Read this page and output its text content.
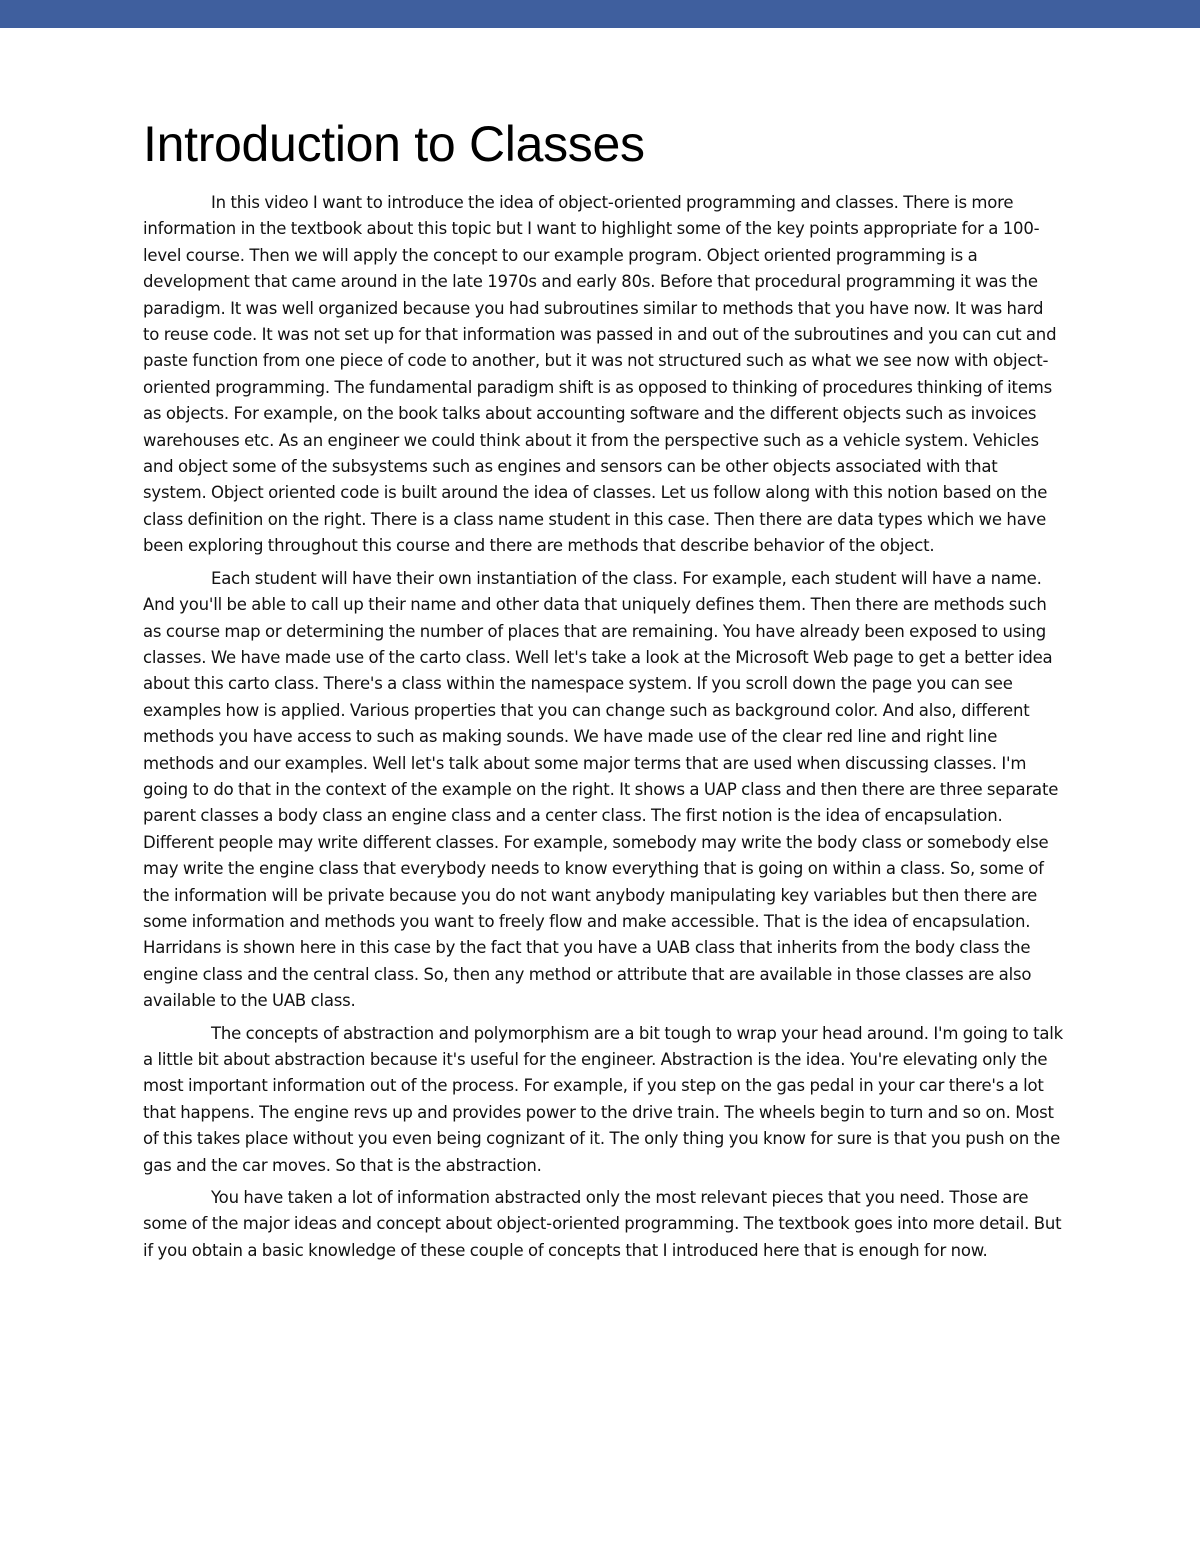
Introduction to Classes

In this video I want to introduce the idea of object-oriented programming and classes. There is more information in the textbook about this topic but I want to highlight some of the key points appropriate for a 100-level course. Then we will apply the concept to our example program. Object oriented programming is a development that came around in the late 1970s and early 80s. Before that procedural programming it was the paradigm. It was well organized because you had subroutines similar to methods that you have now. It was hard to reuse code. It was not set up for that information was passed in and out of the subroutines and you can cut and paste function from one piece of code to another, but it was not structured such as what we see now with object-oriented programming. The fundamental paradigm shift is as opposed to thinking of procedures thinking of items as objects. For example, on the book talks about accounting software and the different objects such as invoices warehouses etc. As an engineer we could think about it from the perspective such as a vehicle system. Vehicles and object some of the subsystems such as engines and sensors can be other objects associated with that system. Object oriented code is built around the idea of classes. Let us follow along with this notion based on the class definition on the right. There is a class name student in this case. Then there are data types which we have been exploring throughout this course and there are methods that describe behavior of the object.

Each student will have their own instantiation of the class. For example, each student will have a name. And you'll be able to call up their name and other data that uniquely defines them. Then there are methods such as course map or determining the number of places that are remaining. You have already been exposed to using classes. We have made use of the carto class. Well let's take a look at the Microsoft Web page to get a better idea about this carto class. There's a class within the namespace system. If you scroll down the page you can see examples how is applied. Various properties that you can change such as background color. And also, different methods you have access to such as making sounds. We have made use of the clear red line and right line methods and our examples. Well let's talk about some major terms that are used when discussing classes. I'm going to do that in the context of the example on the right. It shows a UAP class and then there are three separate parent classes a body class an engine class and a center class. The first notion is the idea of encapsulation. Different people may write different classes. For example, somebody may write the body class or somebody else may write the engine class that everybody needs to know everything that is going on within a class. So, some of the information will be private because you do not want anybody manipulating key variables but then there are some information and methods you want to freely flow and make accessible. That is the idea of encapsulation. Harridans is shown here in this case by the fact that you have a UAB class that inherits from the body class the engine class and the central class. So, then any method or attribute that are available in those classes are also available to the UAB class.

The concepts of abstraction and polymorphism are a bit tough to wrap your head around. I'm going to talk a little bit about abstraction because it's useful for the engineer. Abstraction is the idea. You're elevating only the most important information out of the process. For example, if you step on the gas pedal in your car there's a lot that happens. The engine revs up and provides power to the drive train. The wheels begin to turn and so on. Most of this takes place without you even being cognizant of it. The only thing you know for sure is that you push on the gas and the car moves. So that is the abstraction.

You have taken a lot of information abstracted only the most relevant pieces that you need. Those are some of the major ideas and concept about object-oriented programming. The textbook goes into more detail. But if you obtain a basic knowledge of these couple of concepts that I introduced here that is enough for now.
